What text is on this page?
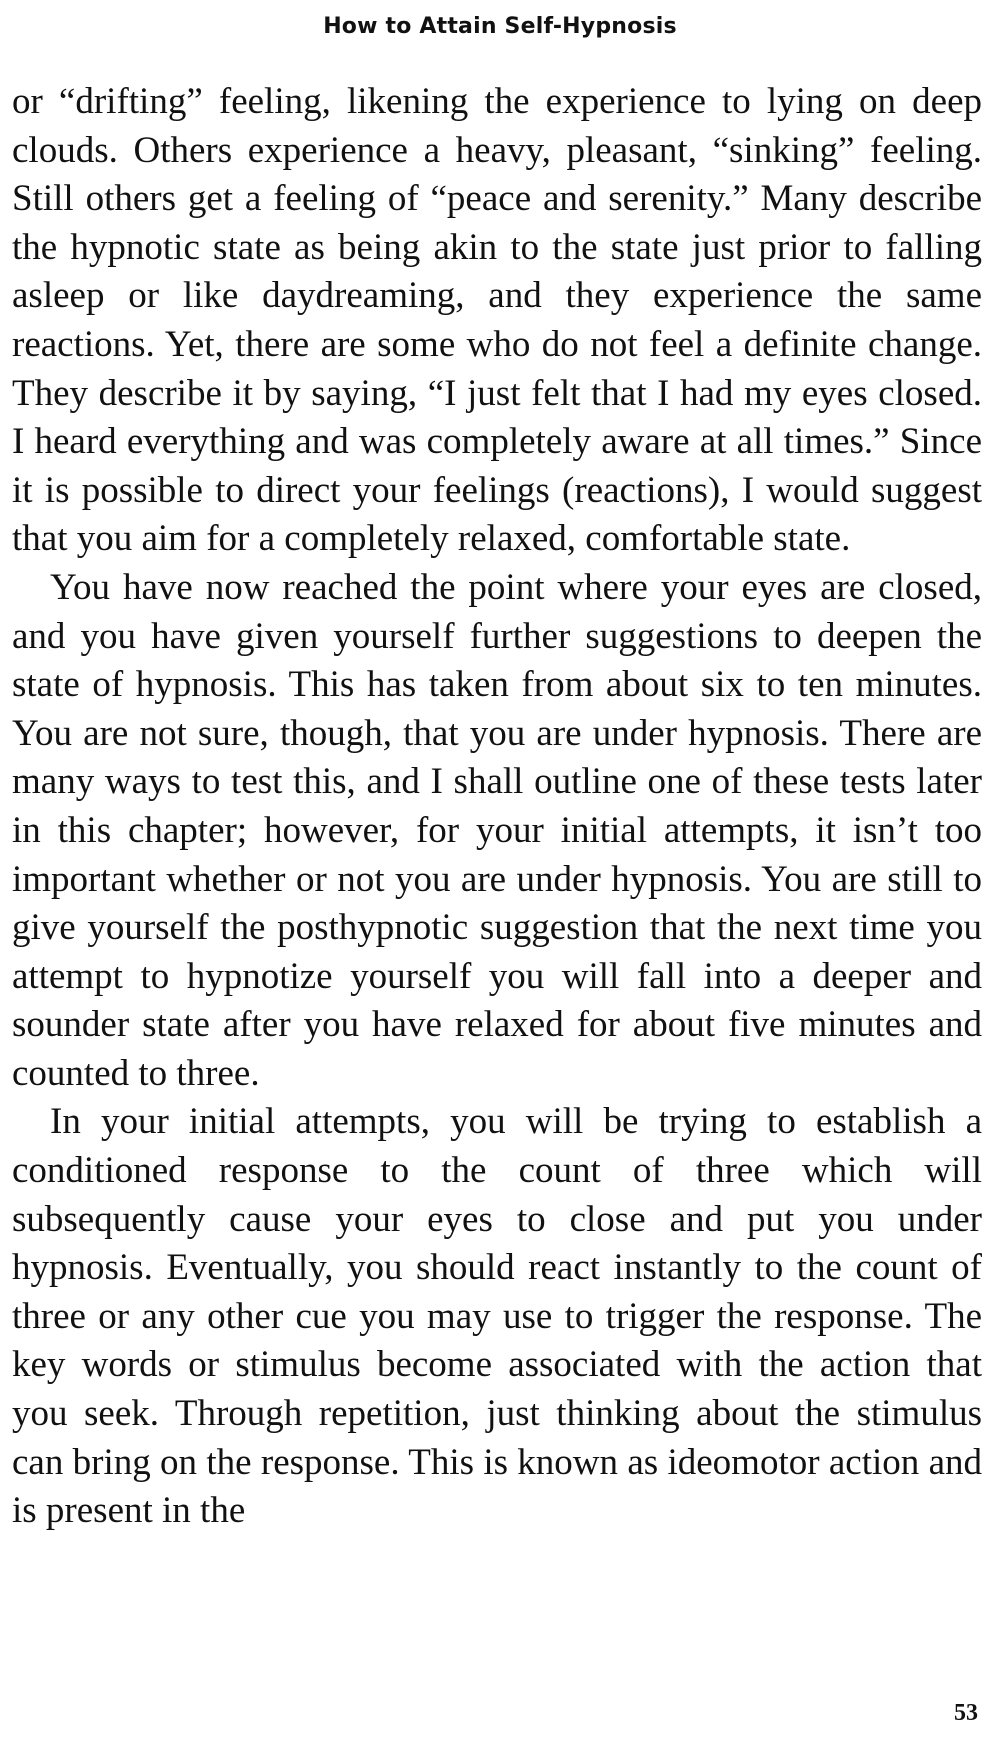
How to Attain Self-Hypnosis

or “drifting” feeling, likening the experience to lying on deep clouds. Others experience a heavy, pleasant, “sinking” feeling. Still others get a feeling of “peace and serenity.” Many describe the hypnotic state as being akin to the state just prior to falling asleep or like daydreaming, and they experience the same reactions. Yet, there are some who do not feel a definite change. They describe it by saying, “I just felt that I had my eyes closed. I heard everything and was completely aware at all times.” Since it is possible to direct your feelings (reactions), I would suggest that you aim for a completely relaxed, comfortable state.

You have now reached the point where your eyes are closed, and you have given yourself further suggestions to deepen the state of hypnosis. This has taken from about six to ten minutes. You are not sure, though, that you are under hypnosis. There are many ways to test this, and I shall outline one of these tests later in this chapter; however, for your initial attempts, it isn’t too important whether or not you are under hypnosis. You are still to give yourself the posthypnotic suggestion that the next time you attempt to hypnotize yourself you will fall into a deeper and sounder state after you have relaxed for about five minutes and counted to three.

In your initial attempts, you will be trying to establish a conditioned response to the count of three which will subsequently cause your eyes to close and put you under hypnosis. Eventually, you should react instantly to the count of three or any other cue you may use to trigger the response. The key words or stimulus become associated with the action that you seek. Through repetition, just thinking about the stimulus can bring on the response. This is known as ideomotor action and is present in the

53
